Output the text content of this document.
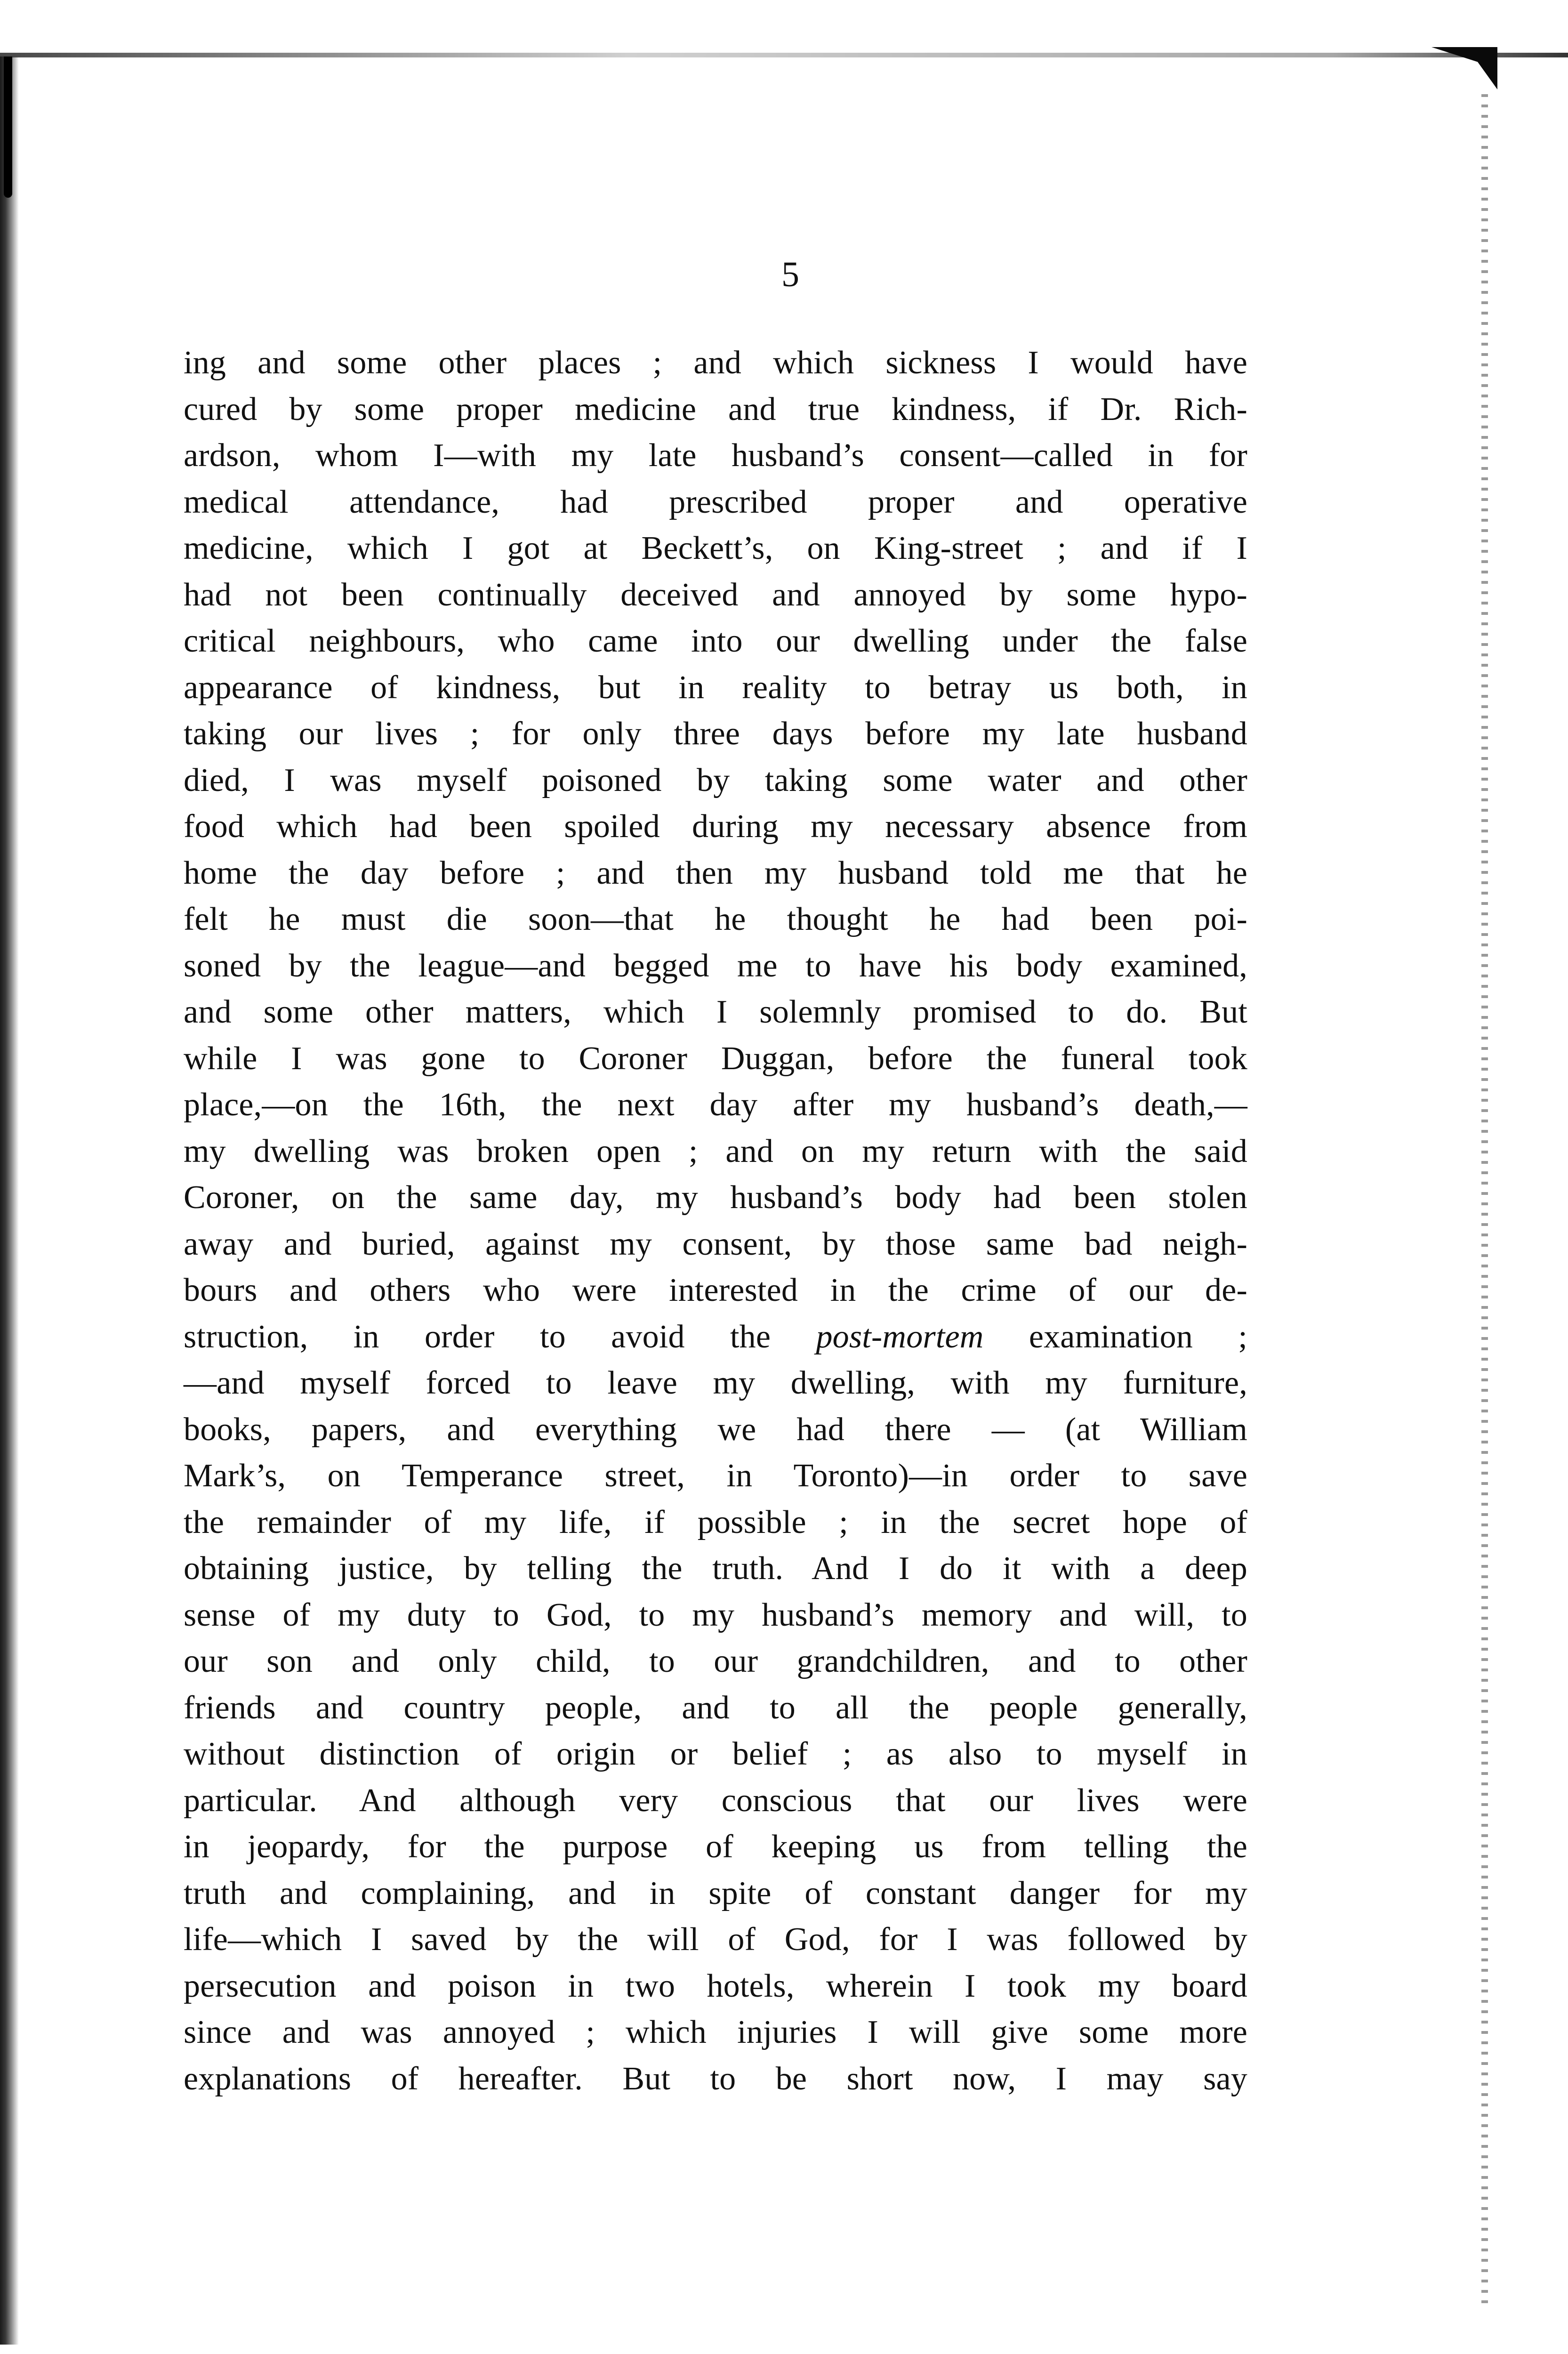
5
ing and some other places ; and which sickness I would have
cured by some proper medicine and true kindness, if Dr. Rich-
ardson, whom I—with my late husband’s consent—called in for
medical attendance, had prescribed proper and operative
medicine, which I got at Beckett’s, on King-street ; and if I
had not been continually deceived and annoyed by some hypo-
critical neighbours, who came into our dwelling under the false
appearance of kindness, but in reality to betray us both, in
taking our lives ; for only three days before my late husband
died, I was myself poisoned by taking some water and other
food which had been spoiled during my necessary absence from
home the day before ; and then my husband told me that he
felt he must die soon—that he thought he had been poi-
soned by the league—and begged me to have his body examined,
and some other matters, which I solemnly promised to do. But
while I was gone to Coroner Duggan, before the funeral took
place,—on the 16th, the next day after my husband’s death,—
my dwelling was broken open ; and on my return with the said
Coroner, on the same day, my husband’s body had been stolen
away and buried, against my consent, by those same bad neigh-
bours and others who were interested in the crime of our de-
struction, in order to avoid the post-mortem examination ;
—and myself forced to leave my dwelling, with my furniture,
books, papers, and everything we had there — (at William
Mark’s, on Temperance street, in Toronto)—in order to save
the remainder of my life, if possible ; in the secret hope of
obtaining justice, by telling the truth. And I do it with a deep
sense of my duty to God, to my husband’s memory and will, to
our son and only child, to our grandchildren, and to other
friends and country people, and to all the people generally,
without distinction of origin or belief ; as also to myself in
particular. And although very conscious that our lives were
in jeopardy, for the purpose of keeping us from telling the
truth and complaining, and in spite of constant danger for my
life—which I saved by the will of God, for I was followed by
persecution and poison in two hotels, wherein I took my board
since and was annoyed ; which injuries I will give some more
explanations of hereafter. But to be short now, I may say
